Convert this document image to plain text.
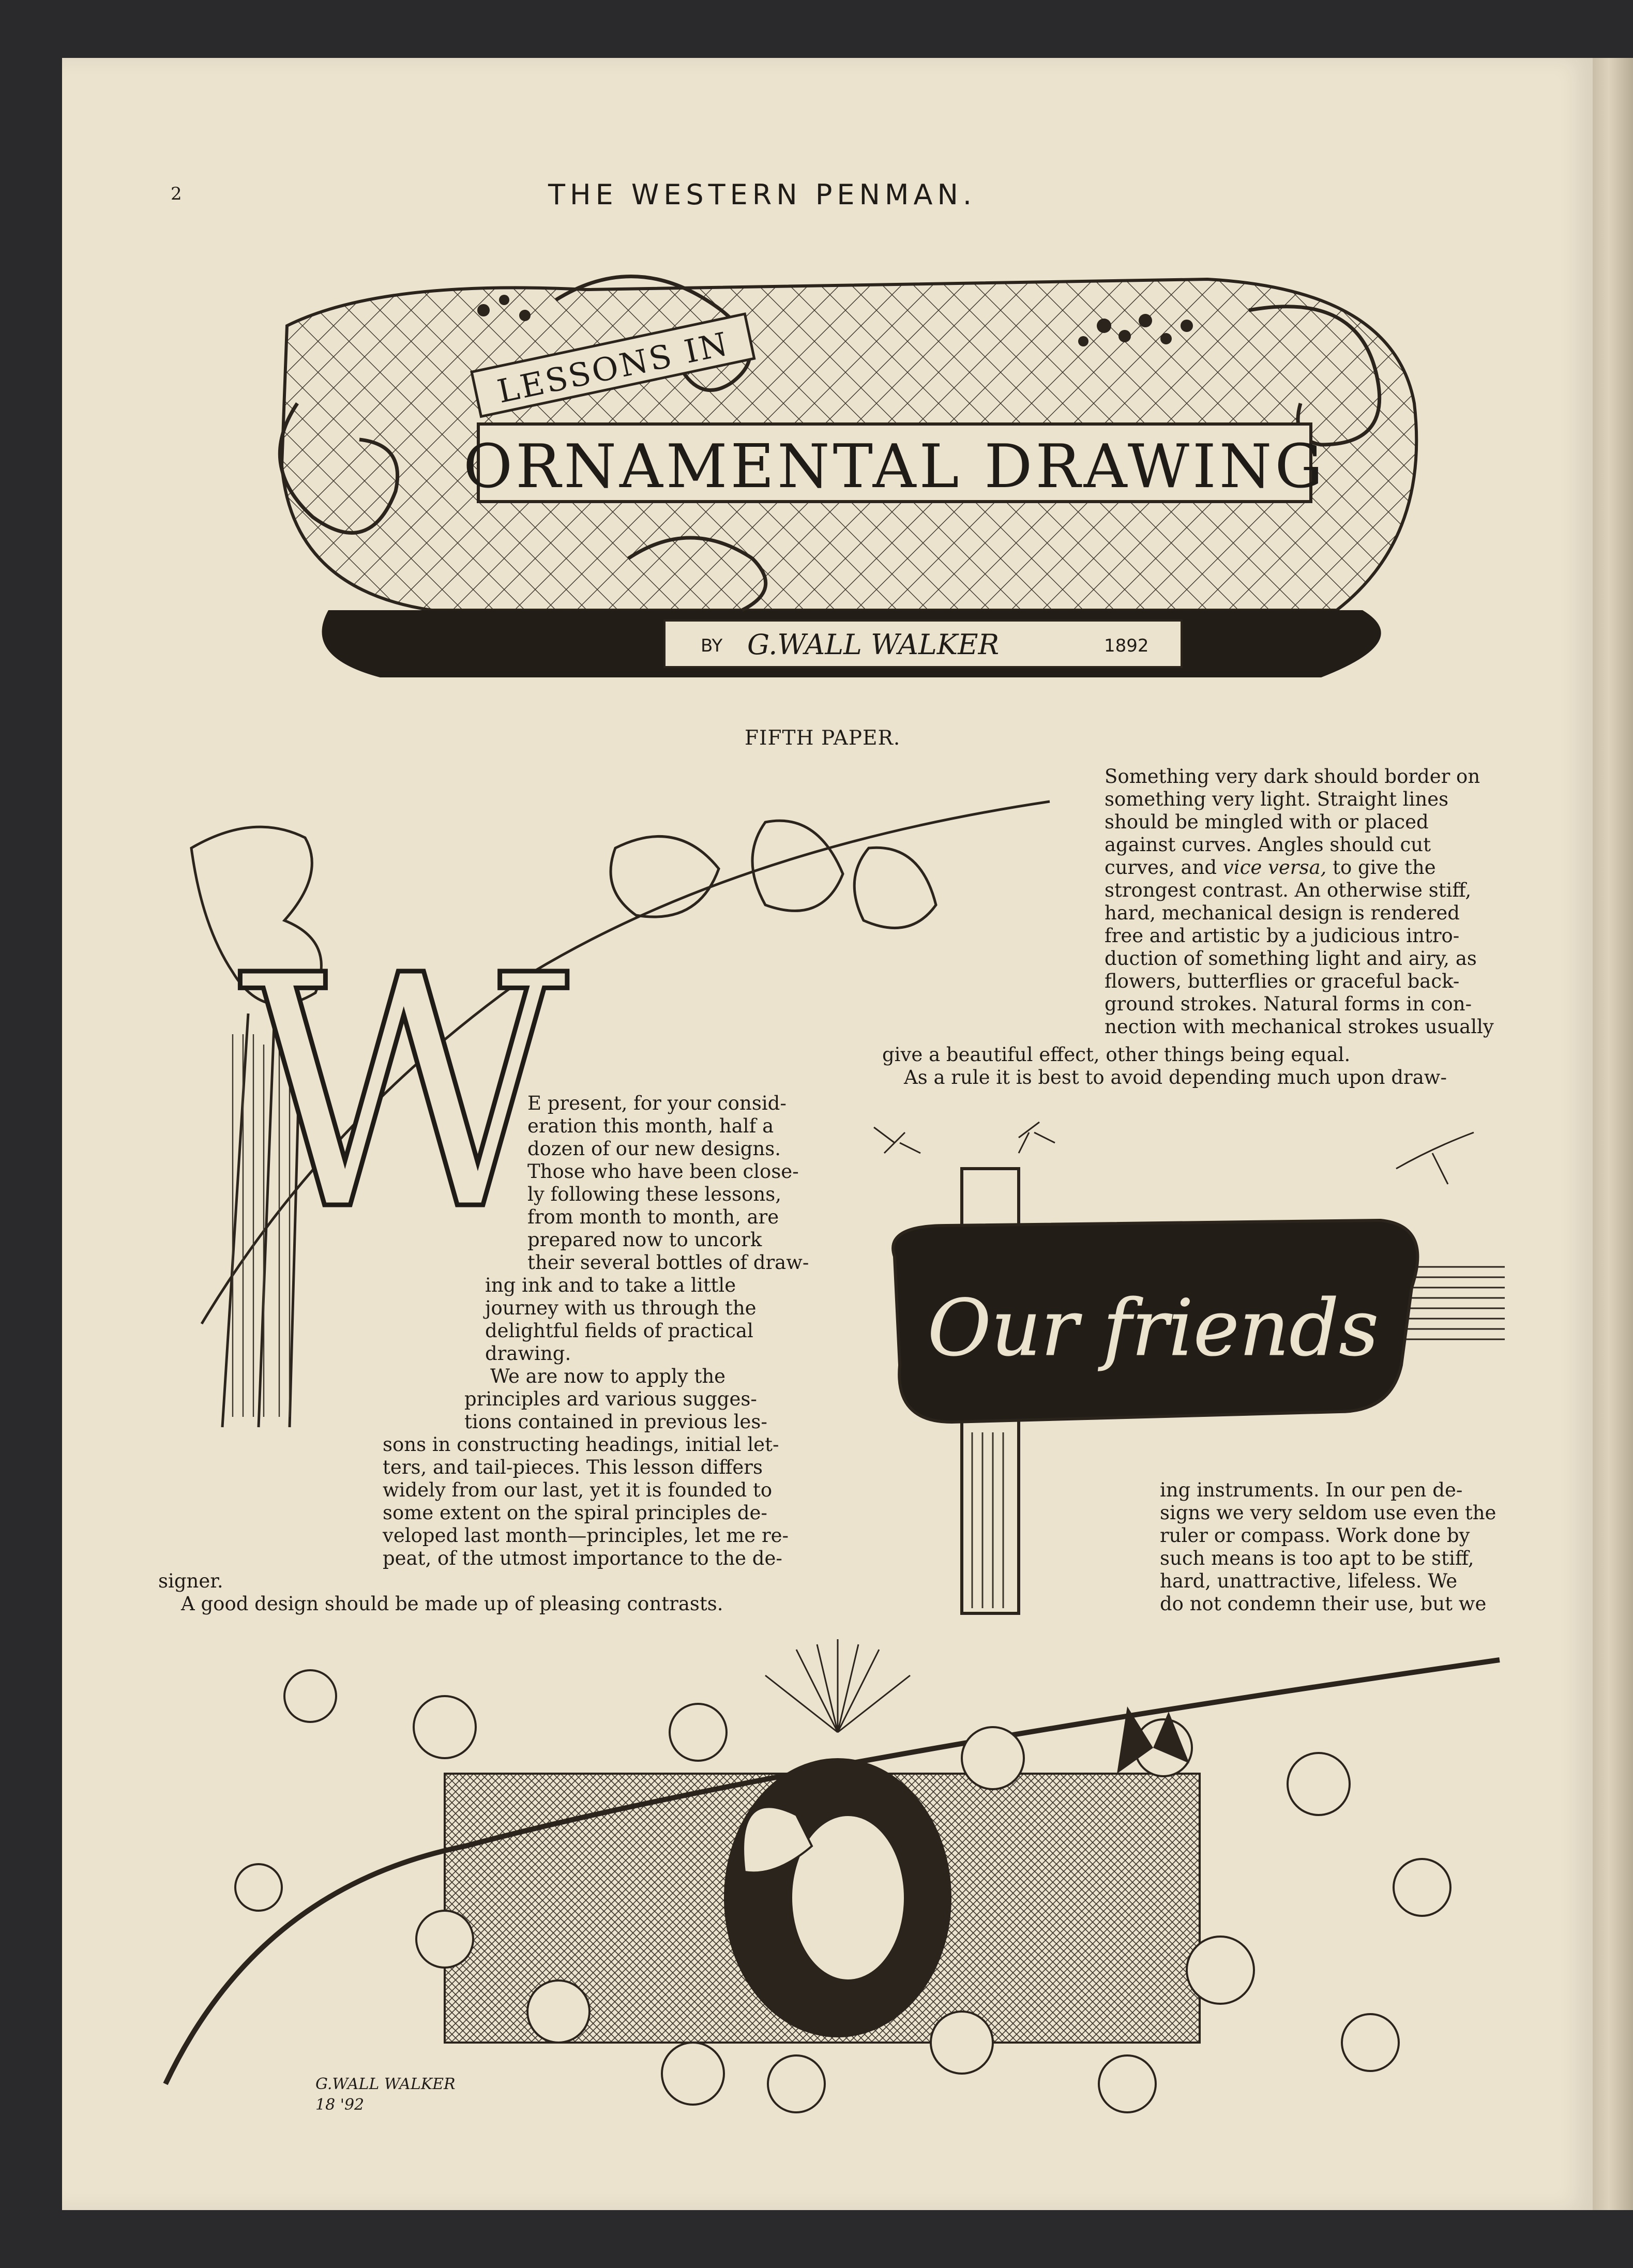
2	THE WESTERN PENMAN.
LESSONS IN
ORNAMENTAL DRAWING
BY G.WALL WALKER	1892
FIFTH PAPER.
W

Something very dark should border on

something very light. Straight lines

should be mingled with or placed

against curves. Angles should cut

curves, and vice versa, to give the

strongest contrast. An otherwise stiff,

hard, mechanical design is rendered

free and artistic by a judicious intro-

duction of something light and airy, as

flowers, butterflies or graceful back-

ground strokes. Natural forms in con-

nection with mechanical strokes usually

give a beautiful effect, other things being equal.
As a rule it is best to avoid depending much upon draw-

E present, for your consid-

eration this month, half a

dozen of our new designs.

Those who have been close-

ly following these lessons,

from month to month, are

prepared now to uncork

their several bottles of draw-

ing ink and to take a little

journey with us through the

delightful fields of practical

drawing.

We are now to apply the

principles ard various sugges-

tions contained in previous les-

sons in constructing headings, initial let-

ters, and tail-pieces. This lesson differs

widely from our last, yet it is founded to

some extent on the spiral principles de-

veloped last month—principles, let me re-

peat, of the utmost importance to the de-

signer.
A good design should be made up of pleasing contrasts.
Our friends

ing instruments. In our pen de-

signs we very seldom use even the

ruler or compass. Work done by

such means is too apt to be stiff,

hard, unattractive, lifeless. We

do not condemn their use, but we

G.WALL WALKER
18 '92
